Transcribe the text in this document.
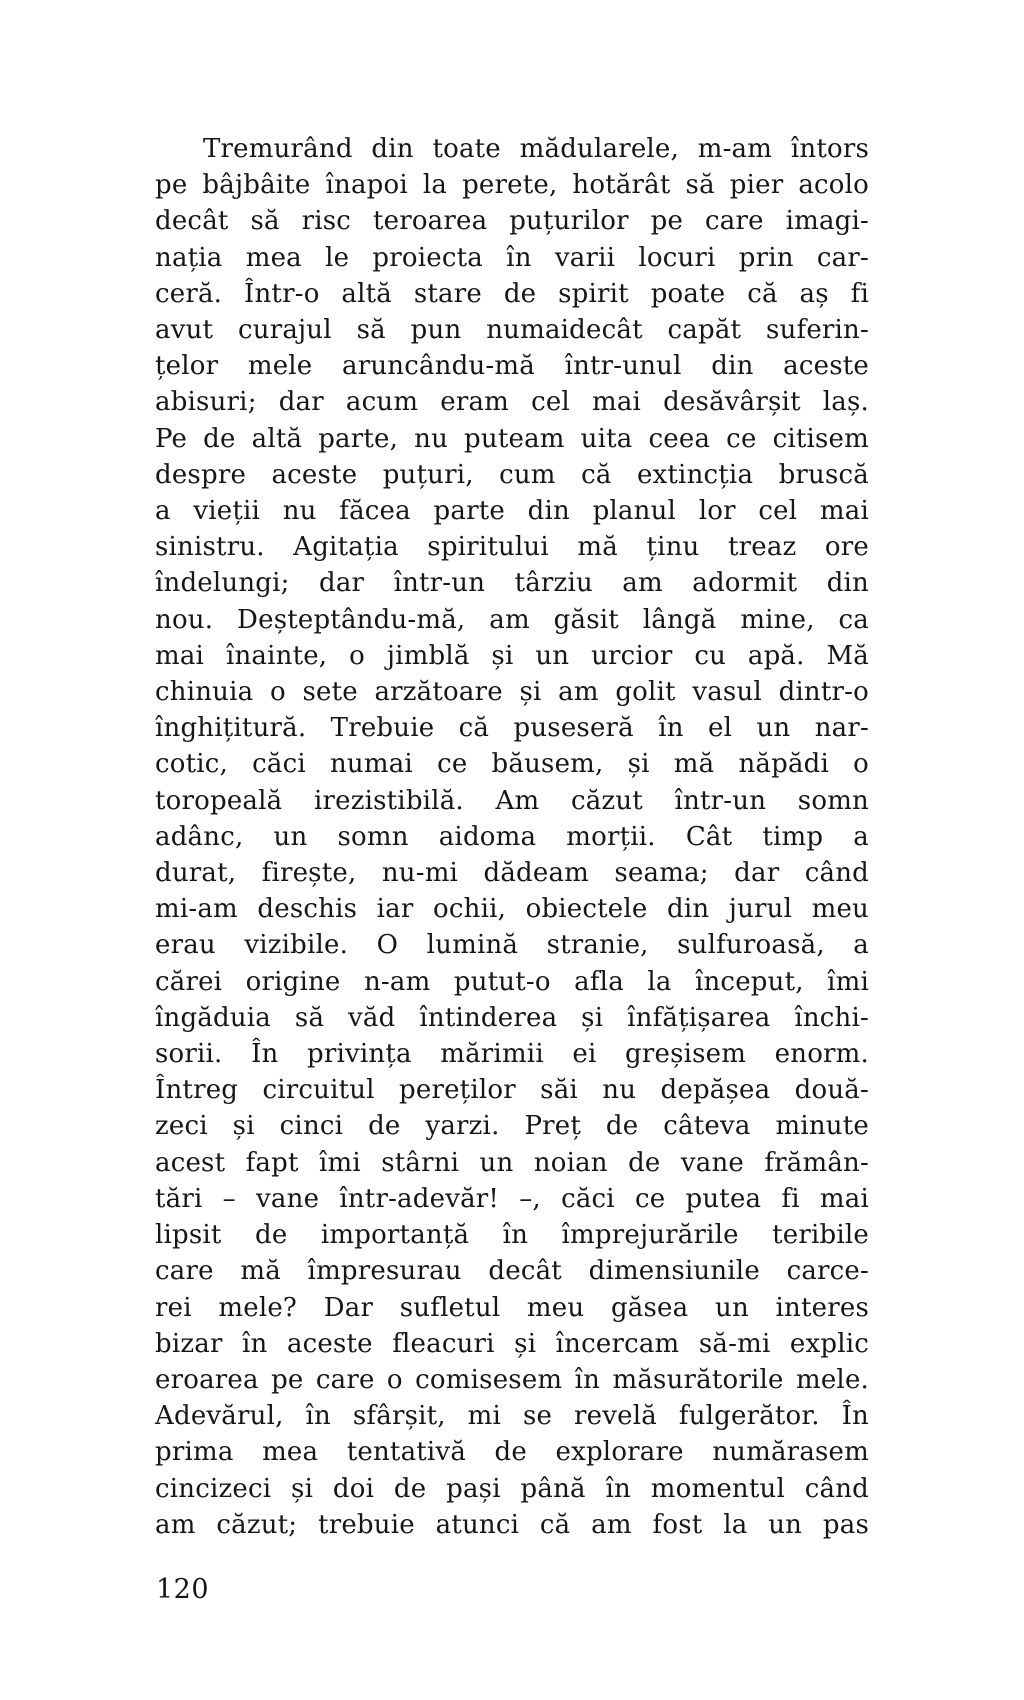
Tremurând din toate mădularele, m-am întors
pe bâjbâite înapoi la perete, hotărât să pier acolo
decât să risc teroarea puțurilor pe care imagi-
nația mea le proiecta în varii locuri prin car-
ceră. Într-o altă stare de spirit poate că aș fi
avut curajul să pun numaidecât capăt suferin-
țelor mele aruncându-mă într-unul din aceste
abisuri; dar acum eram cel mai desăvârșit laș.
Pe de altă parte, nu puteam uita ceea ce citisem
despre aceste puțuri, cum că extincția bruscă
a vieții nu făcea parte din planul lor cel mai
sinistru. Agitația spiritului mă ținu treaz ore
îndelungi; dar într-un târziu am adormit din
nou. Deșteptându-mă, am găsit lângă mine, ca
mai înainte, o jimblă și un urcior cu apă. Mă
chinuia o sete arzătoare și am golit vasul dintr-o
înghițitură. Trebuie că puseseră în el un nar-
cotic, căci numai ce băusem, și mă năpădi o
toropeală irezistibilă. Am căzut într-un somn
adânc, un somn aidoma morții. Cât timp a
durat, firește, nu-mi dădeam seama; dar când
mi-am deschis iar ochii, obiectele din jurul meu
erau vizibile. O lumină stranie, sulfuroasă, a
cărei origine n-am putut-o afla la început, îmi
îngăduia să văd întinderea și înfățișarea închi-
sorii. În privința mărimii ei greșisem enorm.
Întreg circuitul pereților săi nu depășea două-
zeci și cinci de yarzi. Preț de câteva minute
acest fapt îmi stârni un noian de vane frămân-
tări – vane într-adevăr! –, căci ce putea fi mai
lipsit de importanță în împrejurările teribile
care mă împresurau decât dimensiunile carce-
rei mele? Dar sufletul meu găsea un interes
bizar în aceste fleacuri și încercam să-mi explic
eroarea pe care o comisesem în măsurătorile mele.
Adevărul, în sfârșit, mi se revelă fulgerător. În
prima mea tentativă de explorare numărasem
cincizeci și doi de pași până în momentul când
am căzut; trebuie atunci că am fost la un pas
120
